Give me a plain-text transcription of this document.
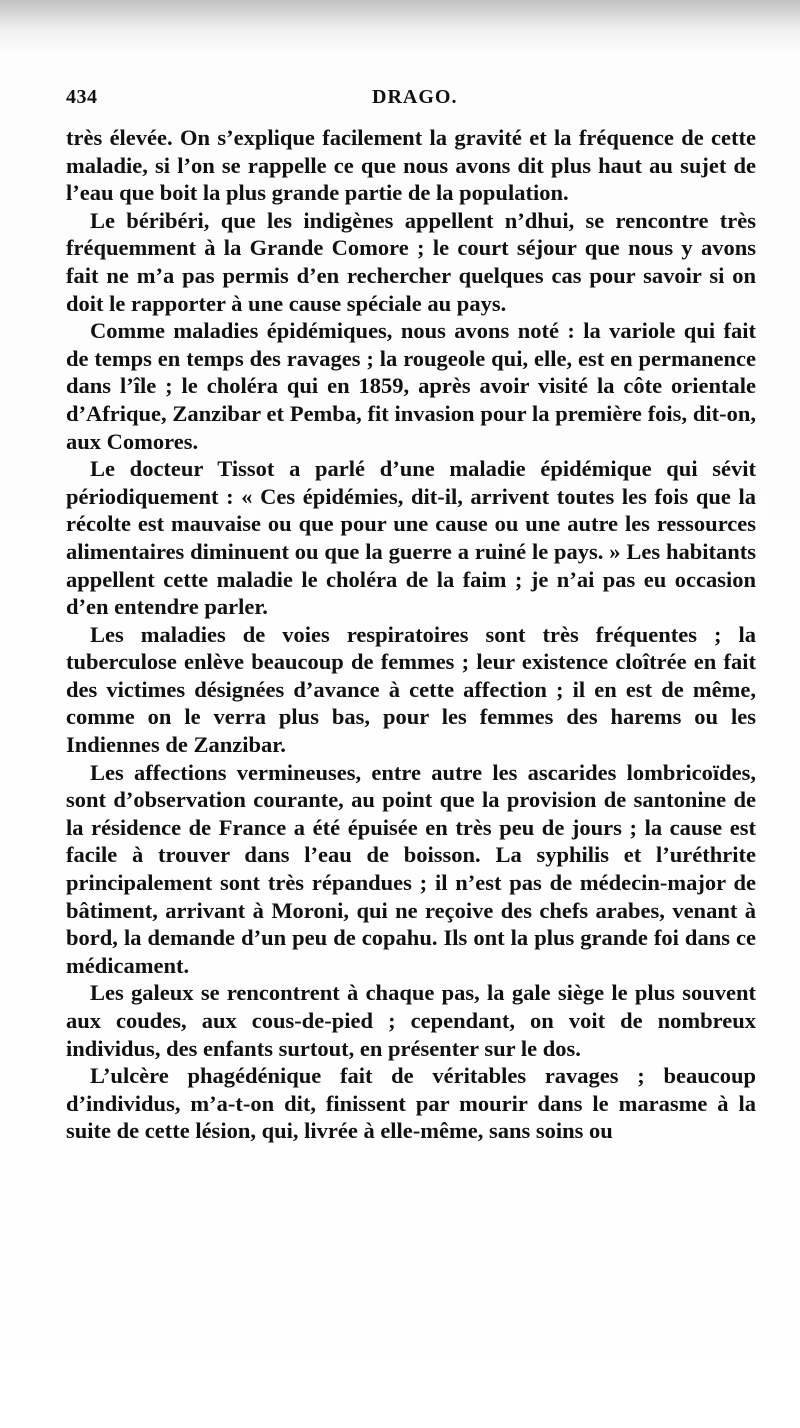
434	DRAGO.

très élevée. On s’explique facilement la gravité et la fréquence de cette maladie, si l’on se rappelle ce que nous avons dit plus haut au sujet de l’eau que boit la plus grande partie de la population.

Le béribéri, que les indigènes appellent n’dhui, se rencontre très fréquemment à la Grande Comore ; le court séjour que nous y avons fait ne m’a pas permis d’en rechercher quelques cas pour savoir si on doit le rapporter à une cause spéciale au pays.

Comme maladies épidémiques, nous avons noté : la variole qui fait de temps en temps des ravages ; la rougeole qui, elle, est en permanence dans l’île ; le choléra qui en 1859, après avoir visité la côte orientale d’Afrique, Zanzibar et Pemba, fit invasion pour la première fois, dit-on, aux Comores.

Le docteur Tissot a parlé d’une maladie épidémique qui sévit périodiquement : « Ces épidémies, dit-il, arrivent toutes les fois que la récolte est mauvaise ou que pour une cause ou une autre les ressources alimentaires diminuent ou que la guerre a ruiné le pays. » Les habitants appellent cette maladie le choléra de la faim ; je n’ai pas eu occasion d’en entendre parler.

Les maladies de voies respiratoires sont très fréquentes ; la tuberculose enlève beaucoup de femmes ; leur existence cloîtrée en fait des victimes désignées d’avance à cette affection ; il en est de même, comme on le verra plus bas, pour les femmes des harems ou les Indiennes de Zanzibar.

Les affections vermineuses, entre autre les ascarides lombricoïdes, sont d’observation courante, au point que la provision de santonine de la résidence de France a été épuisée en très peu de jours ; la cause est facile à trouver dans l’eau de boisson. La syphilis et l’uréthrite principalement sont très répandues ; il n’est pas de médecin-major de bâtiment, arrivant à Moroni, qui ne reçoive des chefs arabes, venant à bord, la demande d’un peu de copahu. Ils ont la plus grande foi dans ce médicament.

Les galeux se rencontrent à chaque pas, la gale siège le plus souvent aux coudes, aux cous-de-pied ; cependant, on voit de nombreux individus, des enfants surtout, en présenter sur le dos.

L’ulcère phagédénique fait de véritables ravages ; beaucoup d’individus, m’a-t-on dit, finissent par mourir dans le marasme à la suite de cette lésion, qui, livrée à elle-même, sans soins ou
